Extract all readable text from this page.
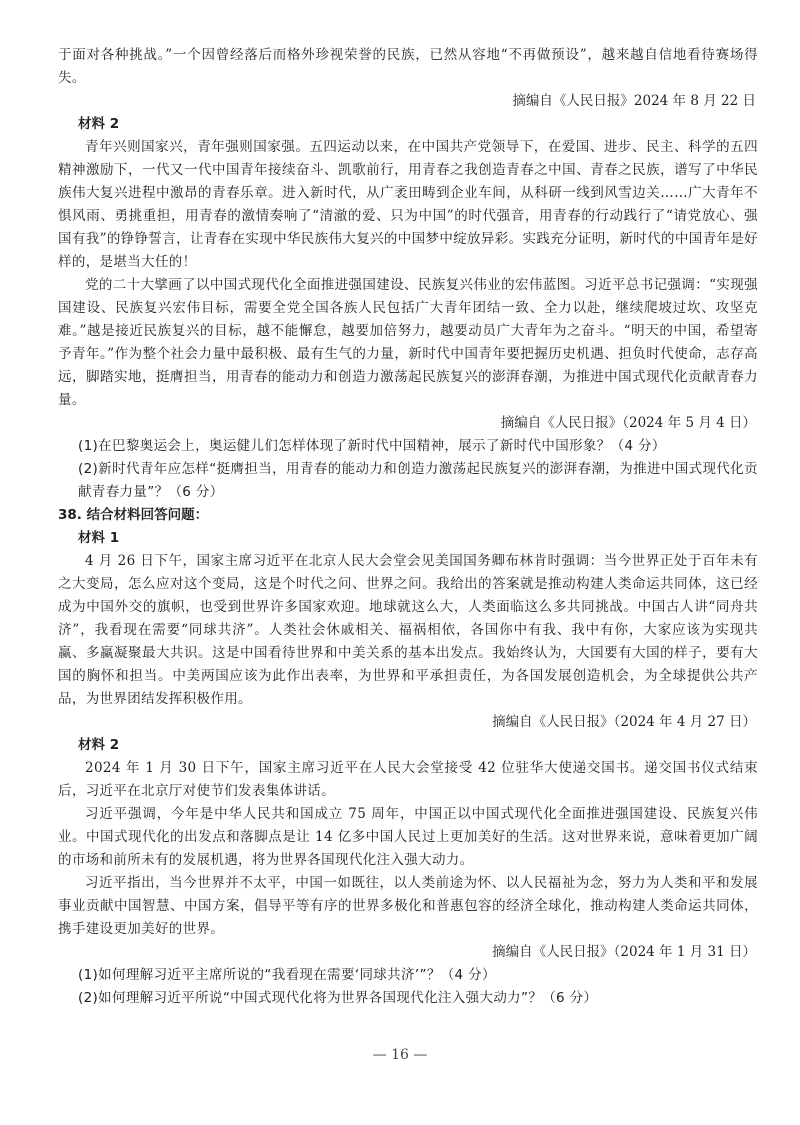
于面对各种挑战。”一个因曾经落后而格外珍视荣誉的民族，已然从容地“不再做预设”，越来越自信地看待赛场得失。

摘编自《人民日报》2024 年 8 月 22 日

材料 2

青年兴则国家兴，青年强则国家强。五四运动以来，在中国共产党领导下，在爱国、进步、民主、科学的五四精神激励下，一代又一代中国青年接续奋斗、凯歌前行，用青春之我创造青春之中国、青春之民族，谱写了中华民族伟大复兴进程中激昂的青春乐章。进入新时代，从广袤田畴到企业车间，从科研一线到风雪边关……广大青年不惧风雨、勇挑重担，用青春的激情奏响了“清澈的爱、只为中国”的时代强音，用青春的行动践行了“请党放心、强国有我”的铮铮誓言，让青春在实现中华民族伟大复兴的中国梦中绽放异彩。实践充分证明，新时代的中国青年是好样的，是堪当大任的！

党的二十大擘画了以中国式现代化全面推进强国建设、民族复兴伟业的宏伟蓝图。习近平总书记强调：“实现强国建设、民族复兴宏伟目标，需要全党全国各族人民包括广大青年团结一致、全力以赴，继续爬坡过坎、攻坚克难。”越是接近民族复兴的目标，越不能懈怠，越要加倍努力，越要动员广大青年为之奋斗。“明天的中国，希望寄予青年。”作为整个社会力量中最积极、最有生气的力量，新时代中国青年要把握历史机遇、担负时代使命，志存高远，脚踏实地，挺膺担当，用青春的能动力和创造力激荡起民族复兴的澎湃春潮，为推进中国式现代化贡献青春力量。

摘编自《人民日报》（2024 年 5 月 4 日）

(1)在巴黎奥运会上，奥运健儿们怎样体现了新时代中国精神，展示了新时代中国形象？（4 分）

(2)新时代青年应怎样“挺膺担当，用青春的能动力和创造力激荡起民族复兴的澎湃春潮，为推进中国式现代化贡献青春力量”？（6 分）

38. 结合材料回答问题：

材料 1

4 月 26 日下午，国家主席习近平在北京人民大会堂会见美国国务卿布林肯时强调：当今世界正处于百年未有之大变局，怎么应对这个变局，这是个时代之问、世界之问。我给出的答案就是推动构建人类命运共同体，这已经成为中国外交的旗帜，也受到世界许多国家欢迎。地球就这么大，人类面临这么多共同挑战。中国古人讲“同舟共济”，我看现在需要“同球共济”。人类社会休戚相关、福祸相依，各国你中有我、我中有你，大家应该为实现共赢、多赢凝聚最大共识。这是中国看待世界和中美关系的基本出发点。我始终认为，大国要有大国的样子，要有大国的胸怀和担当。中美两国应该为此作出表率，为世界和平承担责任，为各国发展创造机会，为全球提供公共产品，为世界团结发挥积极作用。

摘编自《人民日报》（2024 年 4 月 27 日）

材料 2

2024 年 1 月 30 日下午，国家主席习近平在人民大会堂接受 42 位驻华大使递交国书。递交国书仪式结束后，习近平在北京厅对使节们发表集体讲话。

习近平强调，今年是中华人民共和国成立 75 周年，中国正以中国式现代化全面推进强国建设、民族复兴伟业。中国式现代化的出发点和落脚点是让 14 亿多中国人民过上更加美好的生活。这对世界来说，意味着更加广阔的市场和前所未有的发展机遇，将为世界各国现代化注入强大动力。

习近平指出，当今世界并不太平，中国一如既往，以人类前途为怀、以人民福祉为念，努力为人类和平和发展事业贡献中国智慧、中国方案，倡导平等有序的世界多极化和普惠包容的经济全球化，推动构建人类命运共同体，携手建设更加美好的世界。

摘编自《人民日报》（2024 年 1 月 31 日）

(1)如何理解习近平主席所说的“我看现在需要‘同球共济’”？（4 分）

(2)如何理解习近平所说“中国式现代化将为世界各国现代化注入强大动力”？（6 分）

— 16 —
